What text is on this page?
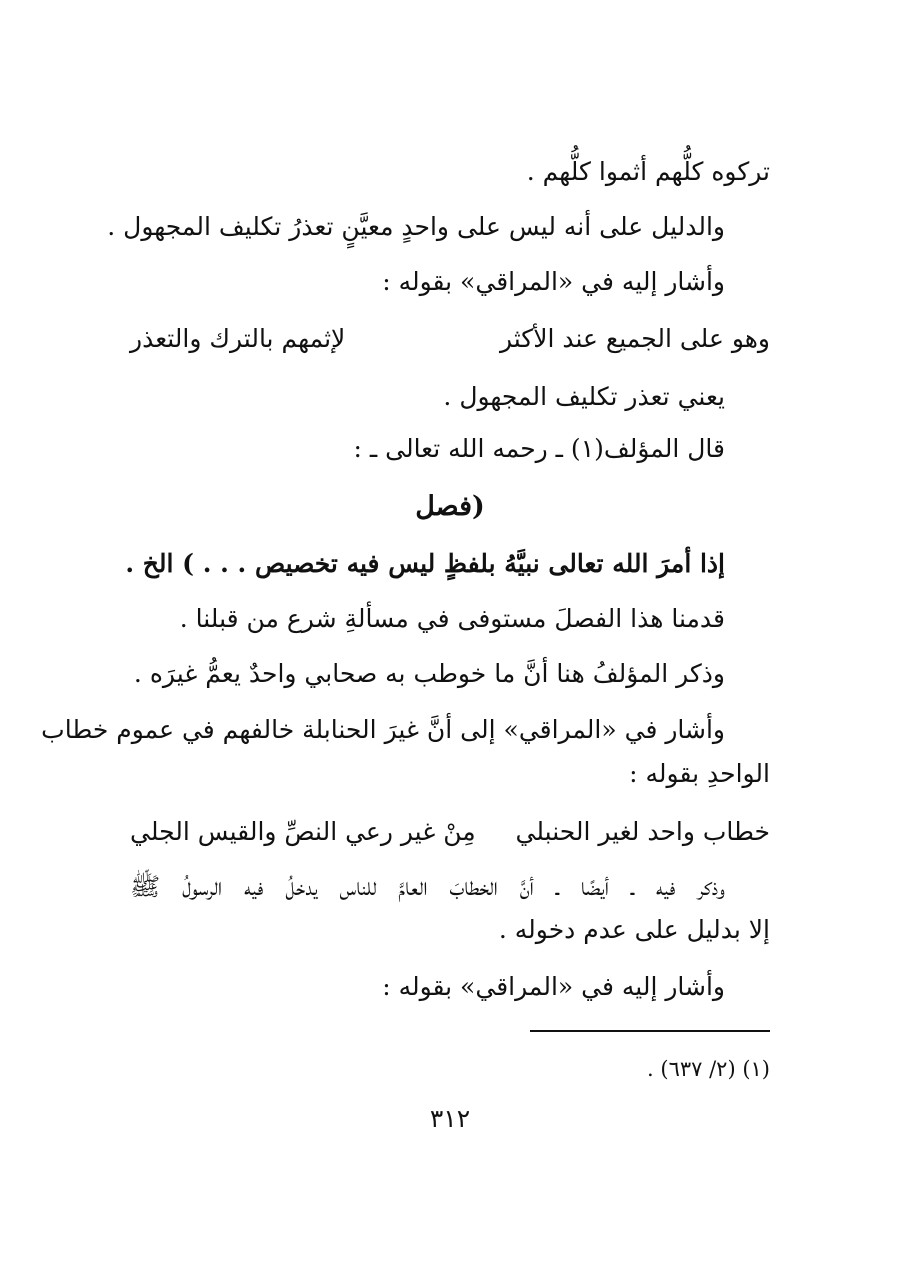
تركوه كلُّهم أثموا كلُّهم .
والدليل على أنه ليس على واحدٍ معيَّنٍ تعذرُ تكليف المجهول .
وأشار إليه في «المراقي» بقوله :
وهو على الجميع عند الأكثر
لإثمهم بالترك والتعذر
يعني تعذر تكليف المجهول .
قال المؤلف(١) ـ رحمه الله تعالى ـ :
(فصل
إذا أمرَ الله تعالى نبيَّهُ بلفظٍ ليس فيه تخصيص . . . ) الخ .
قدمنا هذا الفصلَ مستوفى في مسألةِ شرع من قبلنا .
وذكر المؤلفُ هنا أنَّ ما خوطب به صحابي واحدٌ يعمُّ غيرَه .
وأشار في «المراقي» إلى أنَّ غيرَ الحنابلة خالفهم في عموم خطاب
الواحدِ بقوله :
خطاب واحد لغير الحنبلي
مِنْ غير رعي النصِّ والقيس الجلي
وذكر فيه ـ أيضًا ـ أنَّ الخطابَ العامَّ للناس يدخلُ فيه الرسولُ ﷺ
إلا بدليل على عدم دخوله .
وأشار إليه في «المراقي» بقوله :
(١) (٢/ ٦٣٧) .
٣١٢
